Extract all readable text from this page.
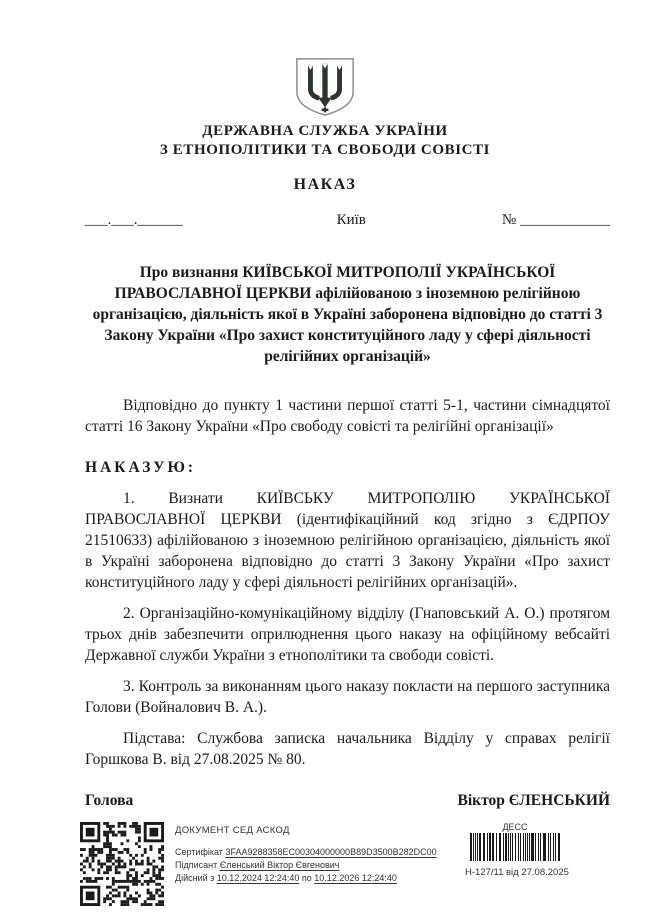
ДЕРЖАВНА СЛУЖБА УКРАЇНИ
З ЕТНОПОЛІТИКИ ТА СВОБОДИ СОВІСТІ
НАКАЗ
___.___.______	Київ	№ ____________

Про визнання КИЇВСЬКОЇ МИТРОПОЛІЇ УКРАЇНСЬКОЇ ПРАВОСЛАВНОЇ ЦЕРКВИ афілійованою з іноземною релігійною організацією, діяльність якої в Україні заборонена відповідно до статті 3 Закону України «Про захист конституційного ладу у сфері діяльності релігійних організацій»

Відповідно до пункту 1 частини першої статті 5-1, частини сімнадцятої статті 16 Закону України «Про свободу совісті та релігійні організації»

НАКАЗУЮ:

1. Визнати КИЇВСЬКУ МИТРОПОЛІЮ УКРАЇНСЬКОЇ ПРАВОСЛАВНОЇ ЦЕРКВИ (ідентифікаційний код згідно з ЄДРПОУ 21510633) афілійованою з іноземною релігійною організацією, діяльність якої в Україні заборонена відповідно до статті 3 Закону України «Про захист конституційного ладу у сфері діяльності релігійних організацій».

2. Організаційно-комунікаційному відділу (Гнаповський А. О.) протягом трьох днів забезпечити оприлюднення цього наказу на офіційному вебсайті Державної служби України з етнополітики та свободи совісті.

3. Контроль за виконанням цього наказу покласти на першого заступника Голови (Войналович В. А.).

Підстава: Службова записка начальника Відділу у справах релігії Горшкова В. від 27.08.2025 № 80.

Голова	Віктор ЄЛЕНСЬКИЙ
ДОКУМЕНТ СЕД АСКОД
Сертифікат 3FAA9288358EC00304000000B89D3500B282DC00
Підписант Єленський Віктор Євгенович
Дійсний з 10.12.2024 12:24:40 по 10.12.2026 12:24:40
ДЕСС
Н-127/11 від 27.08.2025
